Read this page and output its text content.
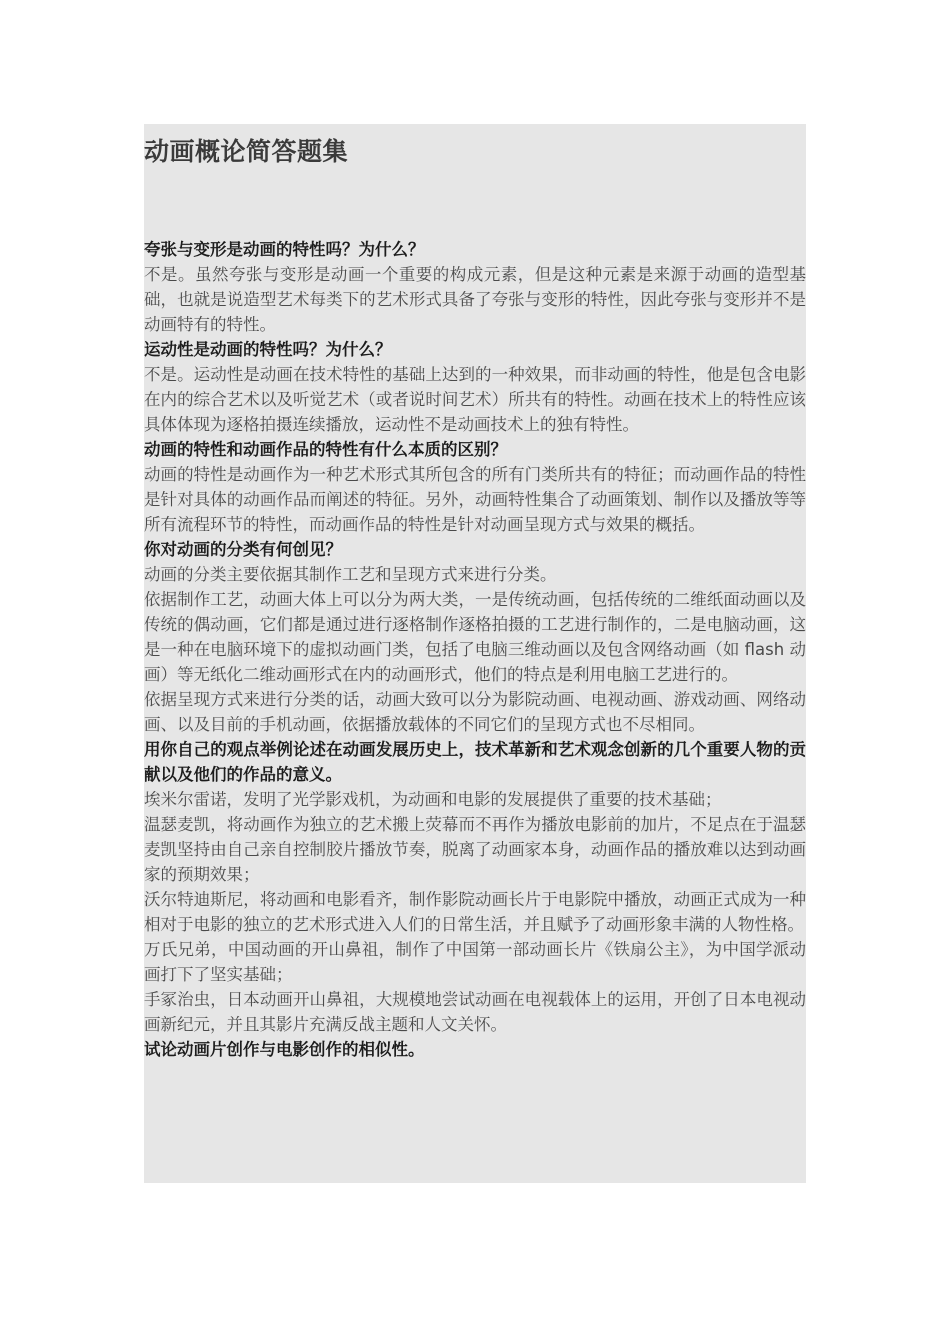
动画概论简答题集

夸张与变形是动画的特性吗？为什么？

不是。虽然夸张与变形是动画一个重要的构成元素，但是这种元素是来源于动画的造型基础，也就是说造型艺术每类下的艺术形式具备了夸张与变形的特性，因此夸张与变形并不是动画特有的特性。

运动性是动画的特性吗？为什么？

不是。运动性是动画在技术特性的基础上达到的一种效果，而非动画的特性，他是包含电影在内的综合艺术以及听觉艺术（或者说时间艺术）所共有的特性。动画在技术上的特性应该具体体现为逐格拍摄连续播放，运动性不是动画技术上的独有特性。

动画的特性和动画作品的特性有什么本质的区别？

动画的特性是动画作为一种艺术形式其所包含的所有门类所共有的特征；而动画作品的特性是针对具体的动画作品而阐述的特征。另外，动画特性集合了动画策划、制作以及播放等等所有流程环节的特性，而动画作品的特性是针对动画呈现方式与效果的概括。

你对动画的分类有何创见？

动画的分类主要依据其制作工艺和呈现方式来进行分类。

依据制作工艺，动画大体上可以分为两大类，一是传统动画，包括传统的二维纸面动画以及传统的偶动画，它们都是通过进行逐格制作逐格拍摄的工艺进行制作的，二是电脑动画，这是一种在电脑环境下的虚拟动画门类，包括了电脑三维动画以及包含网络动画（如 flash 动画）等无纸化二维动画形式在内的动画形式，他们的特点是利用电脑工艺进行的。

依据呈现方式来进行分类的话，动画大致可以分为影院动画、电视动画、游戏动画、网络动画、以及目前的手机动画，依据播放载体的不同它们的呈现方式也不尽相同。

用你自己的观点举例论述在动画发展历史上，技术革新和艺术观念创新的几个重要人物的贡献以及他们的作品的意义。

埃米尔雷诺，发明了光学影戏机，为动画和电影的发展提供了重要的技术基础；

温瑟麦凯，将动画作为独立的艺术搬上荧幕而不再作为播放电影前的加片，不足点在于温瑟麦凯坚持由自己亲自控制胶片播放节奏，脱离了动画家本身，动画作品的播放难以达到动画家的预期效果；

沃尔特迪斯尼，将动画和电影看齐，制作影院动画长片于电影院中播放，动画正式成为一种相对于电影的独立的艺术形式进入人们的日常生活，并且赋予了动画形象丰满的人物性格。

万氏兄弟，中国动画的开山鼻祖，制作了中国第一部动画长片《铁扇公主》，为中国学派动画打下了坚实基础；

手冢治虫，日本动画开山鼻祖，大规模地尝试动画在电视载体上的运用，开创了日本电视动画新纪元，并且其影片充满反战主题和人文关怀。

试论动画片创作与电影创作的相似性。
